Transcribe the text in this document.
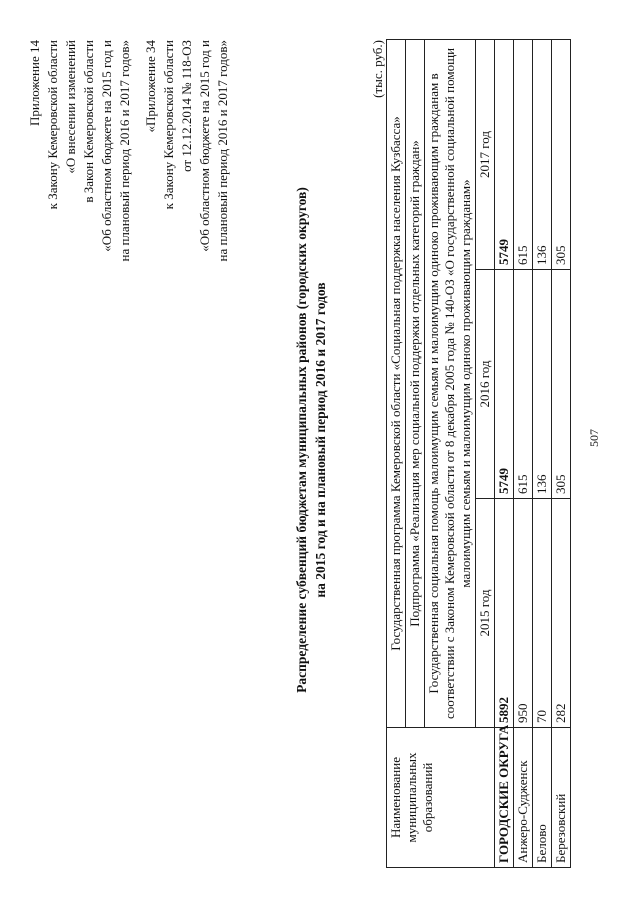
507
Приложение 14 к Закону Кемеровской области «О внесении изменений в Закон Кемеровской области «Об областном бюджете на 2015 год и на плановый период 2016 и 2017 годов» «Приложение 34 к Закону Кемеровской области от 12.12.2014 № 118-ОЗ «Об областном бюджете на 2015 год и на плановый период 2016 и 2017 годов»
Распределение субвенций бюджетам муниципальных районов (городских округов) на 2015 год и на плановый период 2016 и 2017 годов
(тыс. руб.)
Наименование муниципальных образований	Государственная программа Кемеровской области «Социальная поддержка населения Кузбасса»		
	Подпрограмма «Реализация мер социальной поддержки отдельных категорий граждан»		
	Государственная социальная помощь малоимущим семьям и малоимущим одиноко проживающим гражданам в соответствии с Законом Кемеровской области от 8 декабря 2005 года № 140-ОЗ «О государственной социальной помощи малоимущим семьям и малоимущим одиноко проживающим гражданам»		
	2015 год	2016 год	2017 год
ГОРОДСКИЕ ОКРУГА	5892	5749	5749
Анжеро-Судженск	950	615	615
Белово	70	136	136
Березовский	282	305	305
